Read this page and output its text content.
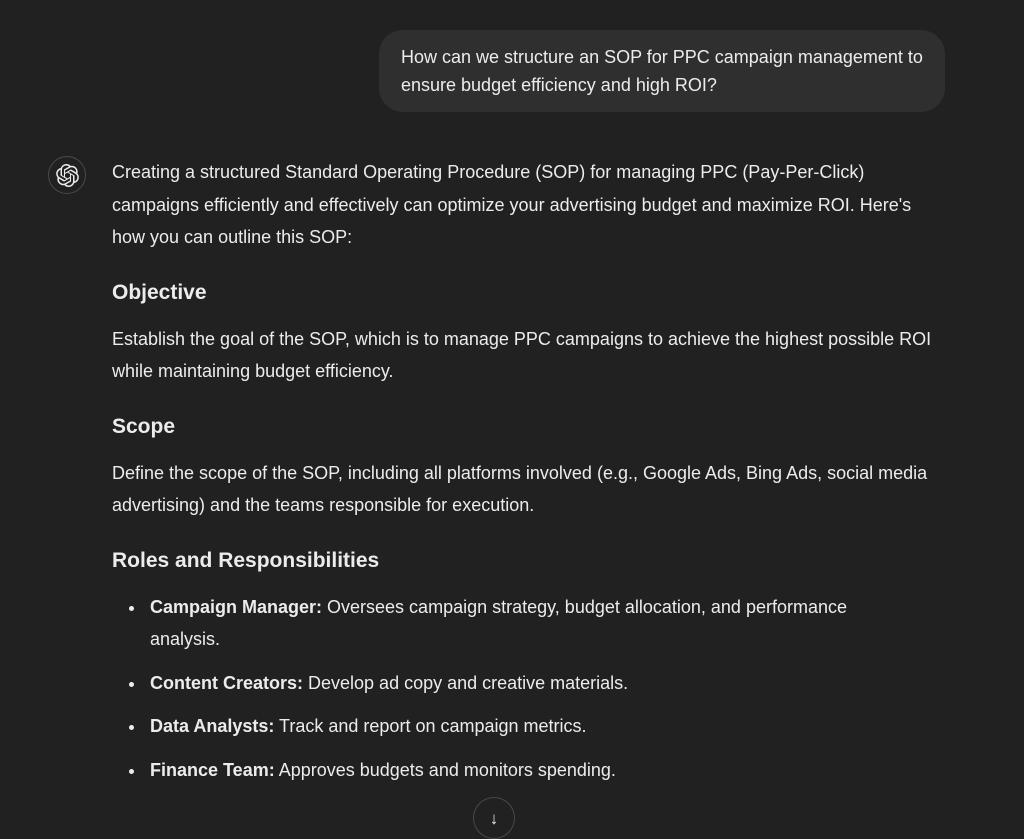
How can we structure an SOP for PPC campaign management to ensure budget efficiency and high ROI?

Creating a structured Standard Operating Procedure (SOP) for managing PPC (Pay-Per-Click) campaigns efficiently and effectively can optimize your advertising budget and maximize ROI. Here's how you can outline this SOP:

Objective

Establish the goal of the SOP, which is to manage PPC campaigns to achieve the highest possible ROI while maintaining budget efficiency.

Scope

Define the scope of the SOP, including all platforms involved (e.g., Google Ads, Bing Ads, social media advertising) and the teams responsible for execution.

Roles and Responsibilities
• Campaign Manager: Oversees campaign strategy, budget allocation, and performance analysis.
• Content Creators: Develop ad copy and creative materials.
• Data Analysts: Track and report on campaign metrics.
• Finance Team: Approves budgets and monitors spending.
↓
